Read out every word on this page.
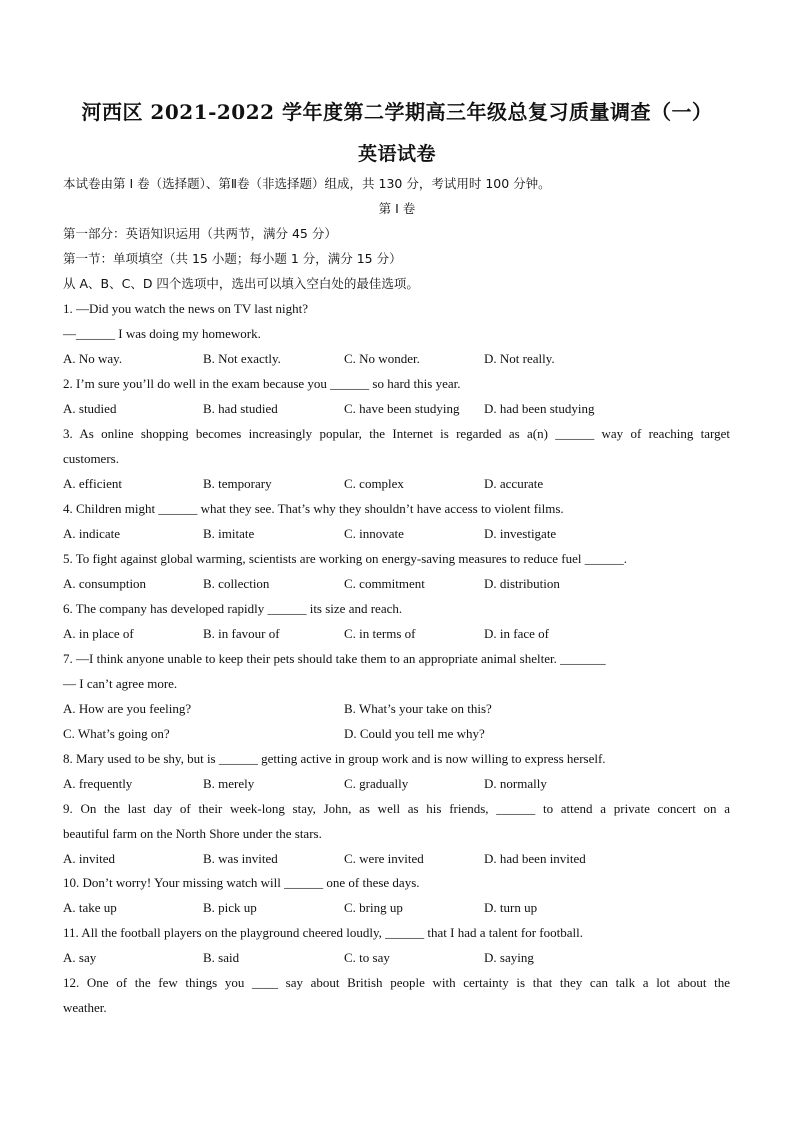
河西区 2021-2022 学年度第二学期高三年级总复习质量调查（一）
英语试卷
本试卷由第 I 卷（选择题）、第Ⅱ卷（非选择题）组成，共 130 分，考试用时 100 分钟。
第 I 卷
第一部分：英语知识运用（共两节，满分 45 分）
第一节：单项填空（共 15 小题；每小题 1 分，满分 15 分）
从 A、B、C、D 四个选项中，选出可以填入空白处的最佳选项。
1. —Did you watch the news on TV last night?
—______ I was doing my homework.
A. No way.	B. Not exactly.	C. No wonder.	D. Not really.
2. I’m sure you’ll do well in the exam because you ______ so hard this year.
A. studied	B. had studied	C. have been studying D. had been studying
3. As online shopping becomes increasingly popular, the Internet is regarded as a(n) ______ way of reaching target
customers.
A. efficient	B. temporary	C. complex	D. accurate
4. Children might ______ what they see. That’s why they shouldn’t have access to violent films.
A. indicate	B. imitate	C. innovate	D. investigate
5. To fight against global warming, scientists are working on energy-saving measures to reduce fuel ______.
A. consumption	B. collection	C. commitment	D. distribution
6. The company has developed rapidly ______ its size and reach.
A. in place of	B. in favour of	C. in terms of	D. in face of
7. —I think anyone unable to keep their pets should take them to an appropriate animal shelter. _______
— I can’t agree more.
A. How are you feeling?	B. What’s your take on this?
C. What’s going on?	D. Could you tell me why?
8. Mary used to be shy, but is ______ getting active in group work and is now willing to express herself.
A. frequently	B. merely	C. gradually	D. normally
9. On the last day of their week-long stay, John, as well as his friends, ______ to attend a private concert on a
beautiful farm on the North Shore under the stars.
A. invited	B. was invited	C. were invited	D. had been invited
10. Don’t worry! Your missing watch will ______ one of these days.
A. take up	B. pick up	C. bring up	D. turn up
11. All the football players on the playground cheered loudly, ______ that I had a talent for football.
A. say	B. said	C. to say	D. saying
12. One of the few things you ____ say about British people with certainty is that they can talk a lot about the
weather.
